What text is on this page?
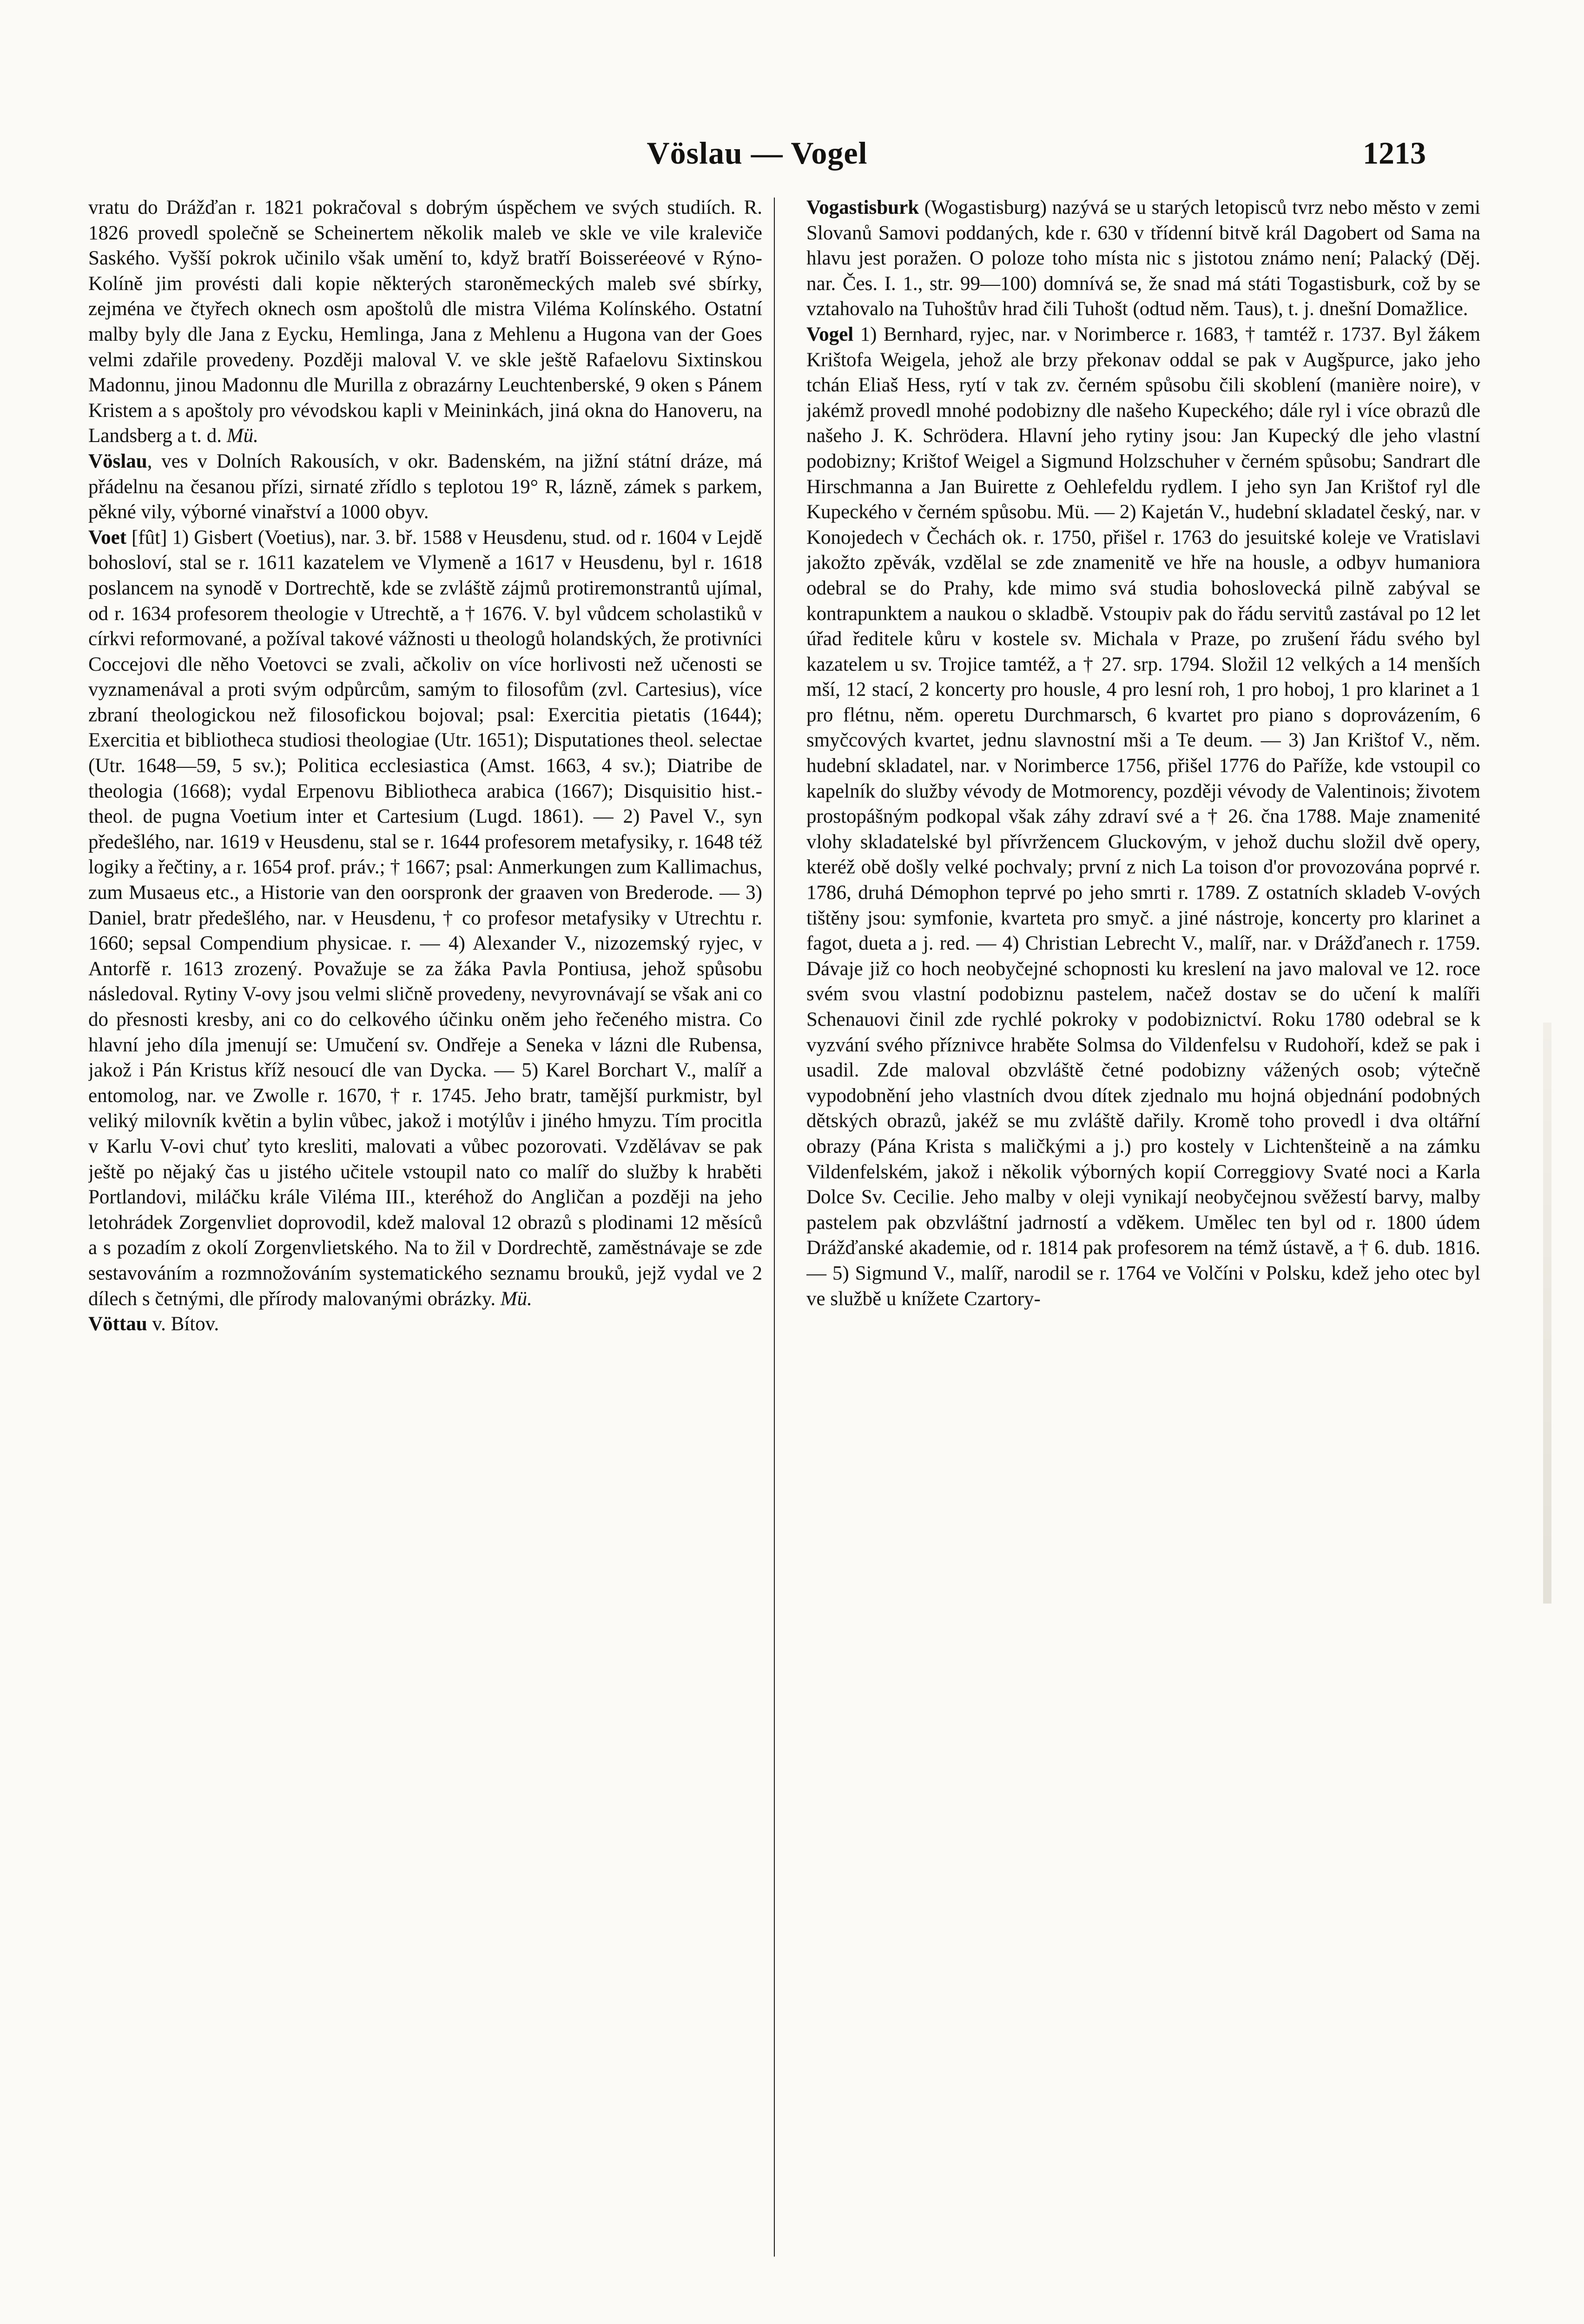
Vöslau — Vogel	1213

vratu do Drážďan r. 1821 pokračoval s dobrým úspěchem ve svých studiích. R. 1826 provedl společně se Scheinertem několik maleb ve skle ve vile kraleviče Saského. Vyšší pokrok učinilo však umění to, když bratří Boisseréeové v Rýno-Kolíně jim provésti dali kopie některých staroněmeckých maleb své sbírky, zejména ve čtyřech oknech osm apoštolů dle mistra Viléma Kolínského. Ostatní malby byly dle Jana z Eycku, Hemlinga, Jana z Mehlenu a Hugona van der Goes velmi zdařile provedeny. Později maloval V. ve skle ještě Rafaelovu Sixtinskou Madonnu, jinou Madonnu dle Murilla z obrazárny Leuchtenberské, 9 oken s Pánem Kristem a s apoštoly pro vévodskou kapli v Meininkách, jiná okna do Hanoveru, na Landsberg a t. d. Mü.

Vöslau, ves v Dolních Rakousích, v okr. Badenském, na jižní státní dráze, má přádelnu na česanou přízi, sirnaté zřídlo s teplotou 19° R, lázně, zámek s parkem, pěkné vily, výborné vinařství a 1000 obyv.

Voet [fût] 1) Gisbert (Voetius), nar. 3. bř. 1588 v Heusdenu, stud. od r. 1604 v Lejdě bohosloví, stal se r. 1611 kazatelem ve Vlymeně a 1617 v Heusdenu, byl r. 1618 poslancem na synodě v Dortrechtě, kde se zvláště zájmů protiremonstrantů ujímal, od r. 1634 profesorem theologie v Utrechtě, a † 1676. V. byl vůdcem scholastiků v církvi reformované, a požíval takové vážnosti u theologů holandských, že protivníci Coccejovi dle něho Voetovci se zvali, ačkoliv on více horlivosti než učenosti se vyznamenával a proti svým odpůrcům, samým to filosofům (zvl. Cartesius), více zbraní theologickou než filosofickou bojoval; psal: Exercitia pietatis (1644); Exercitia et bibliotheca studiosi theologiae (Utr. 1651); Disputationes theol. selectae (Utr. 1648—59, 5 sv.); Politica ecclesiastica (Amst. 1663, 4 sv.); Diatribe de theologia (1668); vydal Erpenovu Bibliotheca arabica (1667); Disquisitio hist.-theol. de pugna Voetium inter et Cartesium (Lugd. 1861). — 2) Pavel V., syn předešlého, nar. 1619 v Heusdenu, stal se r. 1644 profesorem metafysiky, r. 1648 též logiky a řečtiny, a r. 1654 prof. práv.; † 1667; psal: Anmerkungen zum Kallimachus, zum Musaeus etc., a Historie van den oorspronk der graaven von Brederode. — 3) Daniel, bratr předešlého, nar. v Heusdenu, † co profesor metafysiky v Utrechtu r. 1660; sepsal Compendium physicae. r. — 4) Alexander V., nizozemský ryjec, v Antorfě r. 1613 zrozený. Považuje se za žáka Pavla Pontiusa, jehož spůsobu následoval. Rytiny V-ovy jsou velmi sličně provedeny, nevyrovnávají se však ani co do přesnosti kresby, ani co do celkového účinku oněm jeho řečeného mistra. Co hlavní jeho díla jmenují se: Umučení sv. Ondřeje a Seneka v lázni dle Rubensa, jakož i Pán Kristus kříž nesoucí dle van Dycka. — 5) Karel Borchart V., malíř a entomolog, nar. ve Zwolle r. 1670, † r. 1745. Jeho bratr, tamější purkmistr, byl veliký milovník květin a bylin vůbec, jakož i motýlův i jiného hmyzu. Tím procitla v Karlu V-ovi chuť tyto kresliti, malovati a vůbec pozorovati. Vzdělávav se pak ještě po nějaký čas u jistého učitele vstoupil nato co malíř do služby k hraběti Portlandovi, miláčku krále Viléma III., kteréhož do Angličan a později na jeho letohrádek Zorgenvliet doprovodil, kdež maloval 12 obrazů s plodinami 12 měsíců a s pozadím z okolí Zorgenvlietského. Na to žil v Dordrechtě, zaměstnávaje se zde sestavováním a rozmnožováním systematického seznamu brouků, jejž vydal ve 2 dílech s četnými, dle přírody malovanými obrázky. Mü.

Vöttau v. Bítov.

Vogastisburk (Wogastisburg) nazývá se u starých letopisců tvrz nebo město v zemi Slovanů Samovi poddaných, kde r. 630 v třídenní bitvě král Dagobert od Sama na hlavu jest poražen. O poloze toho místa nic s jistotou známo není; Palacký (Děj. nar. Čes. I. 1., str. 99—100) domnívá se, že snad má státi Togastisburk, což by se vztahovalo na Tuhoštův hrad čili Tuhošt (odtud něm. Taus), t. j. dnešní Domažlice.

Vogel 1) Bernhard, ryjec, nar. v Norimberce r. 1683, † tamtéž r. 1737. Byl žákem Krištofa Weigela, jehož ale brzy překonav oddal se pak v Augšpurce, jako jeho tchán Eliaš Hess, rytí v tak zv. černém spůsobu čili skoblení (manière noire), v jakémž provedl mnohé podobizny dle našeho Kupeckého; dále ryl i více obrazů dle našeho J. K. Schrödera. Hlavní jeho rytiny jsou: Jan Kupecký dle jeho vlastní podobizny; Krištof Weigel a Sigmund Holzschuher v černém spůsobu; Sandrart dle Hirschmanna a Jan Buirette z Oehlefeldu rydlem. I jeho syn Jan Krištof ryl dle Kupeckého v černém spůsobu. Mü. — 2) Kajetán V., hudební skladatel český, nar. v Konojedech v Čechách ok. r. 1750, přišel r. 1763 do jesuitské koleje ve Vratislavi jakožto zpěvák, vzdělal se zde znamenitě ve hře na housle, a odbyv humaniora odebral se do Prahy, kde mimo svá studia bohoslovecká pilně zabýval se kontrapunktem a naukou o skladbě. Vstoupiv pak do řádu servitů zastával po 12 let úřad ředitele kůru v kostele sv. Michala v Praze, po zrušení řádu svého byl kazatelem u sv. Trojice tamtéž, a † 27. srp. 1794. Složil 12 velkých a 14 menších mší, 12 stací, 2 koncerty pro housle, 4 pro lesní roh, 1 pro hoboj, 1 pro klarinet a 1 pro flétnu, něm. operetu Durchmarsch, 6 kvartet pro piano s doprovázením, 6 smyčcových kvartet, jednu slavnostní mši a Te deum. — 3) Jan Krištof V., něm. hudební skladatel, nar. v Norimberce 1756, přišel 1776 do Paříže, kde vstoupil co kapelník do služby vévody de Motmorency, později vévody de Valentinois; životem prostopášným podkopal však záhy zdraví své a † 26. čna 1788. Maje znamenité vlohy skladatelské byl přívržencem Gluckovým, v jehož duchu složil dvě opery, kteréž obě došly velké pochvaly; první z nich La toison d'or provozována poprvé r. 1786, druhá Démophon teprvé po jeho smrti r. 1789. Z ostatních skladeb V-ových tištěny jsou: symfonie, kvarteta pro smyč. a jiné nástroje, koncerty pro klarinet a fagot, dueta a j. red. — 4) Christian Lebrecht V., malíř, nar. v Drážďanech r. 1759. Dávaje již co hoch neobyčejné schopnosti ku kreslení na javo maloval ve 12. roce svém svou vlastní podobiznu pastelem, načež dostav se do učení k malíři Schenauovi činil zde rychlé pokroky v podobiznictví. Roku 1780 odebral se k vyzvání svého příznivce hraběte Solmsa do Vildenfelsu v Rudohoří, kdež se pak i usadil. Zde maloval obzvláště četné podobizny vážených osob; výtečně vypodobnění jeho vlastních dvou dítek zjednalo mu hojná objednání podobných dětských obrazů, jakéž se mu zvláště dařily. Kromě toho provedl i dva oltářní obrazy (Pána Krista s maličkými a j.) pro kostely v Lichtenšteině a na zámku Vildenfelském, jakož i několik výborných kopií Correggiovy Svaté noci a Karla Dolce Sv. Cecilie. Jeho malby v oleji vynikají neobyčejnou svěžestí barvy, malby pastelem pak obzvláštní jadrností a vděkem. Umělec ten byl od r. 1800 údem Drážďanské akademie, od r. 1814 pak profesorem na témž ústavě, a † 6. dub. 1816. — 5) Sigmund V., malíř, narodil se r. 1764 ve Volčíni v Polsku, kdež jeho otec byl ve službě u knížete Czartory-
